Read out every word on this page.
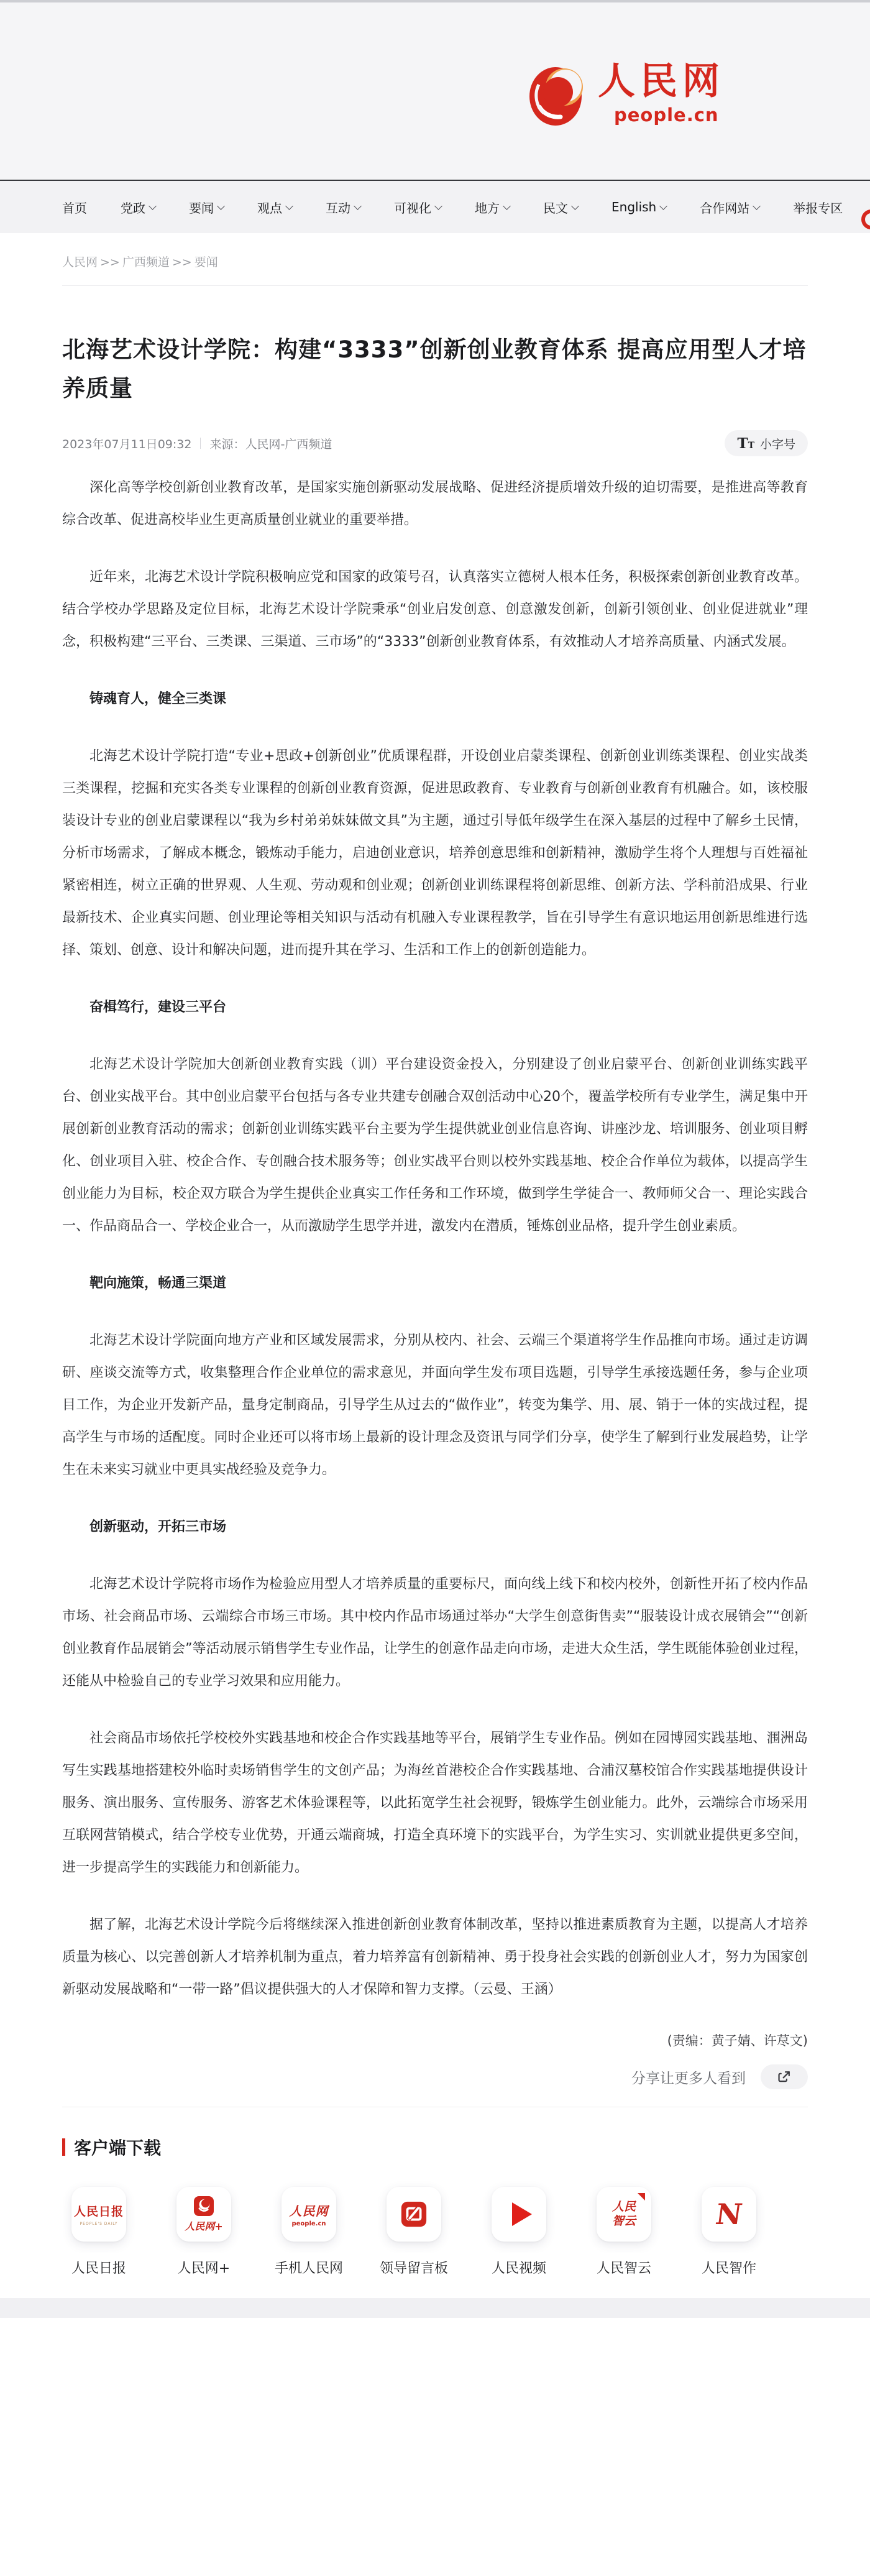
人民网
people.cn
首页	党政	要闻	观点	互动	可视化	地方	民文	English	合作网站	举报专区
人民网 >> 广西频道 >> 要闻
北海艺术设计学院：构建“3333”创新创业教育体系 提高应用型人才培养质量
2023年07月11日09:32 来源：人民网-广西频道	TT 小字号

深化高等学校创新创业教育改革，是国家实施创新驱动发展战略、促进经济提质增效升级的迫切需要，是推进高等教育综合改革、促进高校毕业生更高质量创业就业的重要举措。

近年来，北海艺术设计学院积极响应党和国家的政策号召，认真落实立德树人根本任务，积极探索创新创业教育改革。结合学校办学思路及定位目标，北海艺术设计学院秉承“创业启发创意、创意激发创新，创新引领创业、创业促进就业”理念，积极构建“三平台、三类课、三渠道、三市场”的“3333”创新创业教育体系，有效推动人才培养高质量、内涵式发展。

铸魂育人，健全三类课

北海艺术设计学院打造“专业+思政+创新创业”优质课程群，开设创业启蒙类课程、创新创业训练类课程、创业实战类三类课程，挖掘和充实各类专业课程的创新创业教育资源，促进思政教育、专业教育与创新创业教育有机融合。如，该校服装设计专业的创业启蒙课程以“我为乡村弟弟妹妹做文具”为主题，通过引导低年级学生在深入基层的过程中了解乡土民情，分析市场需求，了解成本概念，锻炼动手能力，启迪创业意识，培养创意思维和创新精神，激励学生将个人理想与百姓福祉紧密相连，树立正确的世界观、人生观、劳动观和创业观；创新创业训练课程将创新思维、创新方法、学科前沿成果、行业最新技术、企业真实问题、创业理论等相关知识与活动有机融入专业课程教学，旨在引导学生有意识地运用创新思维进行选择、策划、创意、设计和解决问题，进而提升其在学习、生活和工作上的创新创造能力。

奋楫笃行，建设三平台

北海艺术设计学院加大创新创业教育实践（训）平台建设资金投入，分别建设了创业启蒙平台、创新创业训练实践平台、创业实战平台。其中创业启蒙平台包括与各专业共建专创融合双创活动中心20个，覆盖学校所有专业学生，满足集中开展创新创业教育活动的需求；创新创业训练实践平台主要为学生提供就业创业信息咨询、讲座沙龙、培训服务、创业项目孵化、创业项目入驻、校企合作、专创融合技术服务等；创业实战平台则以校外实践基地、校企合作单位为载体，以提高学生创业能力为目标，校企双方联合为学生提供企业真实工作任务和工作环境，做到学生学徒合一、教师师父合一、理论实践合一、作品商品合一、学校企业合一，从而激励学生思学并进，激发内在潜质，锤炼创业品格，提升学生创业素质。

靶向施策，畅通三渠道

北海艺术设计学院面向地方产业和区域发展需求，分别从校内、社会、云端三个渠道将学生作品推向市场。通过走访调研、座谈交流等方式，收集整理合作企业单位的需求意见，并面向学生发布项目选题，引导学生承接选题任务，参与企业项目工作，为企业开发新产品，量身定制商品，引导学生从过去的“做作业”，转变为集学、用、展、销于一体的实战过程，提高学生与市场的适配度。同时企业还可以将市场上最新的设计理念及资讯与同学们分享，使学生了解到行业发展趋势，让学生在未来实习就业中更具实战经验及竞争力。

创新驱动，开拓三市场

北海艺术设计学院将市场作为检验应用型人才培养质量的重要标尺，面向线上线下和校内校外，创新性开拓了校内作品市场、社会商品市场、云端综合市场三市场。其中校内作品市场通过举办“大学生创意街售卖”“服装设计成衣展销会”“创新创业教育作品展销会”等活动展示销售学生专业作品，让学生的创意作品走向市场，走进大众生活，学生既能体验创业过程，还能从中检验自己的专业学习效果和应用能力。

社会商品市场依托学校校外实践基地和校企合作实践基地等平台，展销学生专业作品。例如在园博园实践基地、涠洲岛写生实践基地搭建校外临时卖场销售学生的文创产品；为海丝首港校企合作实践基地、合浦汉墓校馆合作实践基地提供设计服务、演出服务、宣传服务、游客艺术体验课程等，以此拓宽学生社会视野，锻炼学生创业能力。此外，云端综合市场采用互联网营销模式，结合学校专业优势，开通云端商城，打造全真环境下的实践平台，为学生实习、实训就业提供更多空间，进一步提高学生的实践能力和创新能力。

据了解，北海艺术设计学院今后将继续深入推进创新创业教育体制改革，坚持以推进素质教育为主题，以提高人才培养质量为核心、以完善创新人才培养机制为重点，着力培养富有创新精神、勇于投身社会实践的创新创业人才，努力为国家创新驱动发展战略和“一带一路”倡议提供强大的人才保障和智力支撑。（云曼、王涵）

(责编：黄子婧、许荩文)
分享让更多人看到
客户端下载
人民日报
PEOPLE'S DAILY
人民日报
人民网+
人民网+
人民网
people.cn
手机人民网	领导留言板	人民视频
人民
智云
人民智云
N
人民智作
